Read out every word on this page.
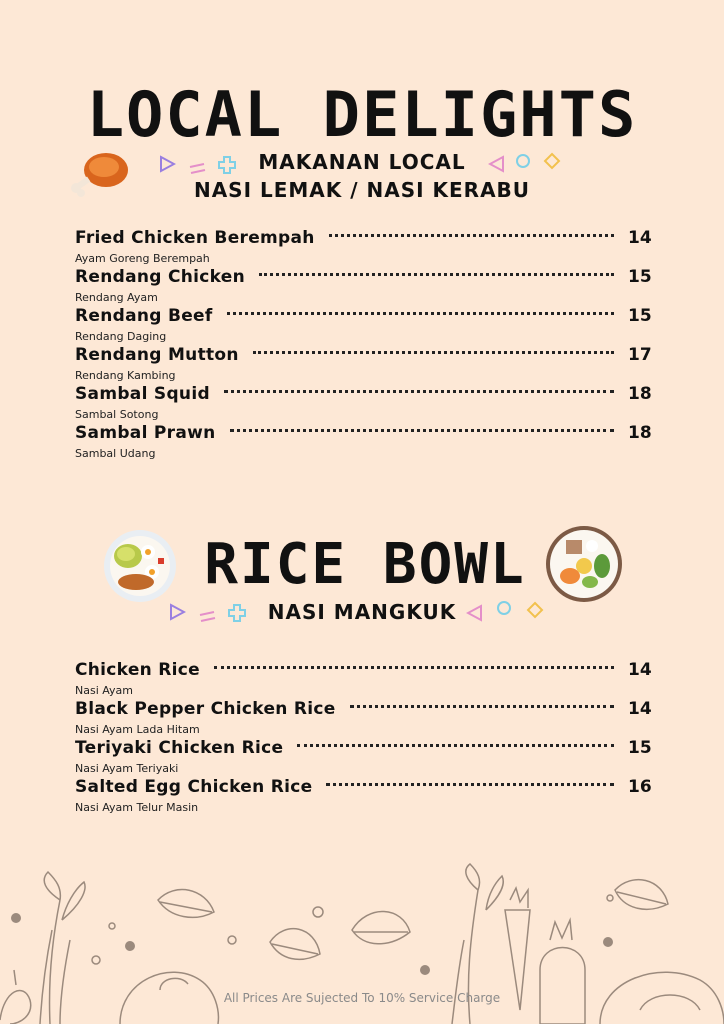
LOCAL DELIGHTS
MAKANAN LOCAL
NASI LEMAK / NASI KERABU
Fried Chicken Berempah	14
Ayam Goreng Berempah
Rendang Chicken	15
Rendang Ayam
Rendang Beef	15
Rendang Daging
Rendang Mutton	17
Rendang Kambing
Sambal Squid	18
Sambal Sotong
Sambal Prawn	18
Sambal Udang
RICE BOWL
NASI MANGKUK
Chicken Rice	14
Nasi Ayam
Black Pepper Chicken Rice	14
Nasi Ayam Lada Hitam
Teriyaki Chicken Rice	15
Nasi Ayam Teriyaki
Salted Egg Chicken Rice	16
Nasi Ayam Telur Masin
All Prices Are Sujected To 10% Service Charge
